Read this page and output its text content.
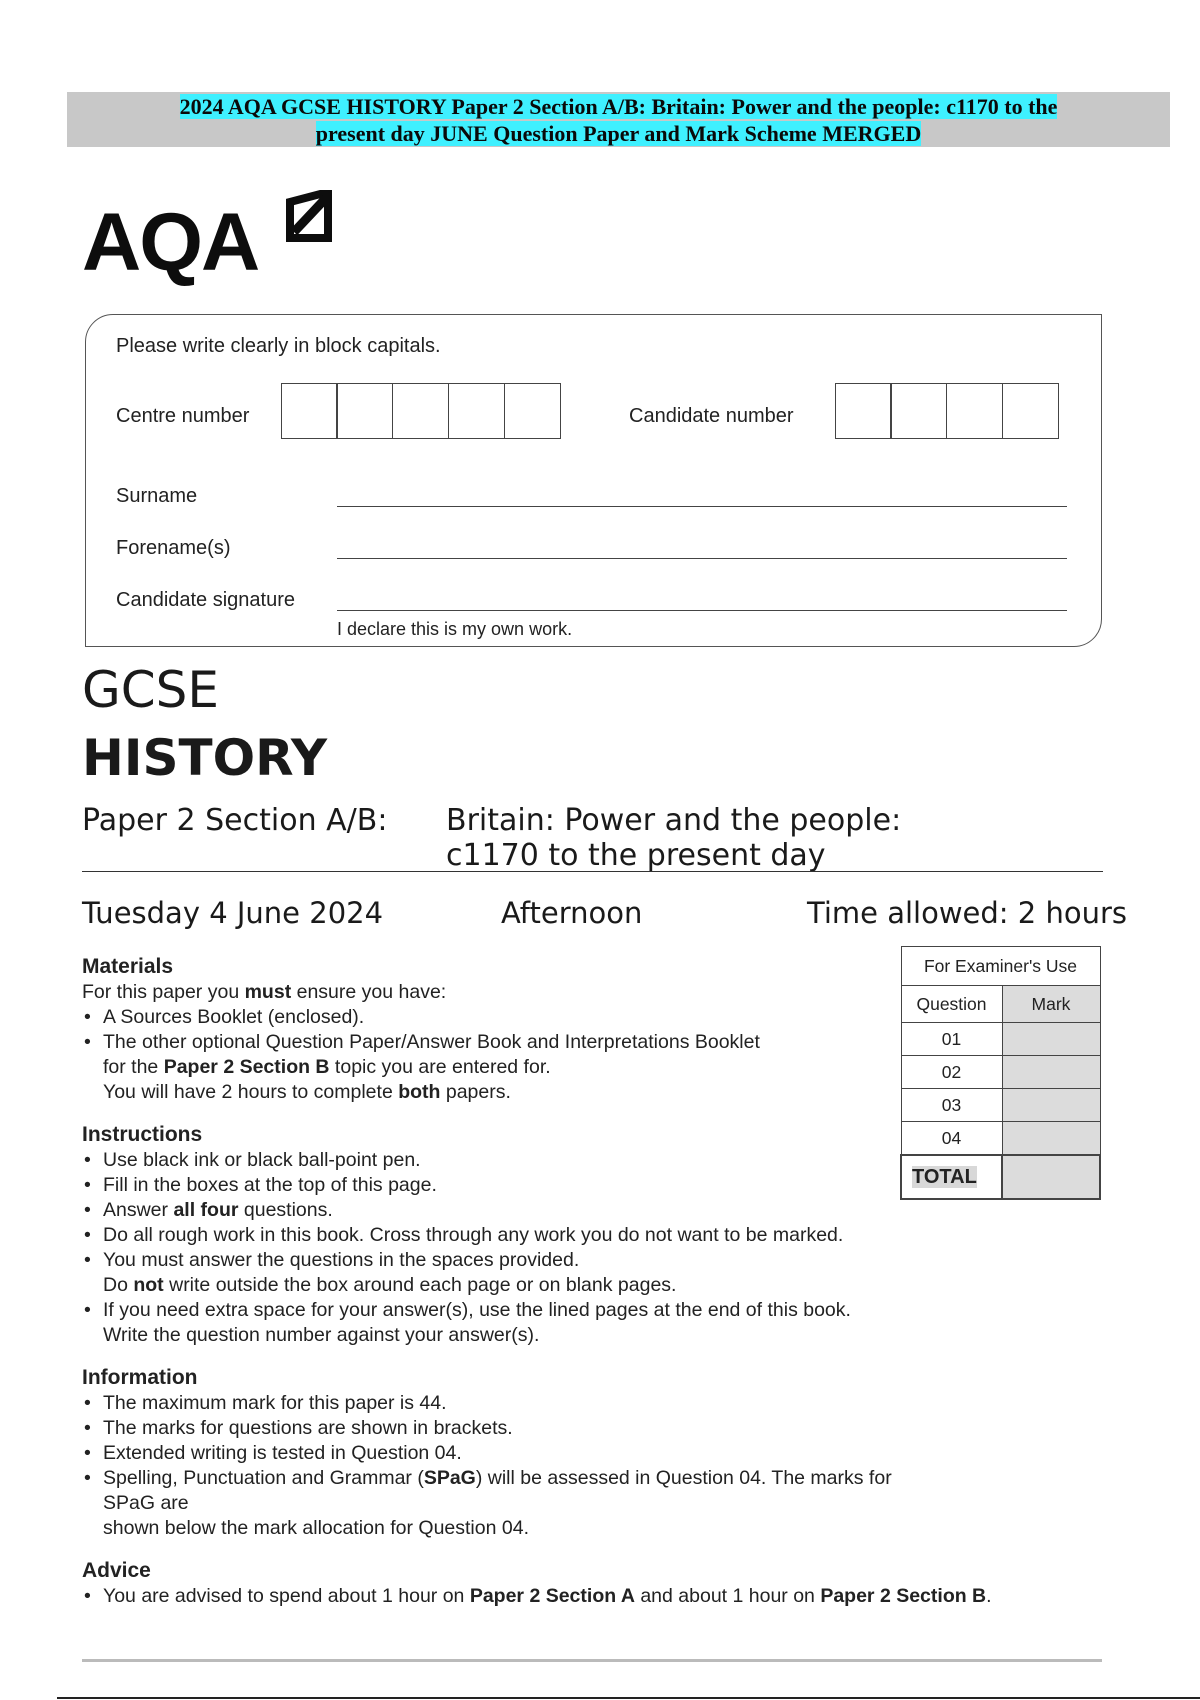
2024 AQA GCSE HISTORY Paper 2 Section A/B: Britain: Power and the people: c1170 to the
present day JUNE Question Paper and Mark Scheme MERGED
AQA
Please write clearly in block capitals.
Centre number	Candidate number
Surname
Forename(s)
Candidate signature
I declare this is my own work.
GCSE
HISTORY
Paper 2 Section A/B: Britain: Power and the people:
c1170 to the present day
Tuesday 4 June 2024	Afternoon	Time allowed: 2 hours

Materials

For this paper you must ensure you have:

• A Sources Booklet (enclosed).
• The other optional Question Paper/Answer Book and Interpretations Booklet
for the Paper 2 Section B topic you are entered for.
You will have 2 hours to complete both papers.

Instructions

• Use black ink or black ball-point pen.
• Fill in the boxes at the top of this page.
• Answer all four questions.
• Do all rough work in this book. Cross through any work you do not want to be marked.
• You must answer the questions in the spaces provided.
Do not write outside the box around each page or on blank pages.
• If you need extra space for your answer(s), use the lined pages at the end of this book.
Write the question number against your answer(s).

Information

• The maximum mark for this paper is 44.
• The marks for questions are shown in brackets.
• Extended writing is tested in Question 04.
• Spelling, Punctuation and Grammar (SPaG) will be assessed in Question 04. The marks for SPaG are
shown below the mark allocation for Question 04.

Advice

• You are advised to spend about 1 hour on Paper 2 Section A and about 1 hour on Paper 2 Section B.
For Examiner's Use	
Question	Mark
01	
02	
03	
04	
TOTAL	
